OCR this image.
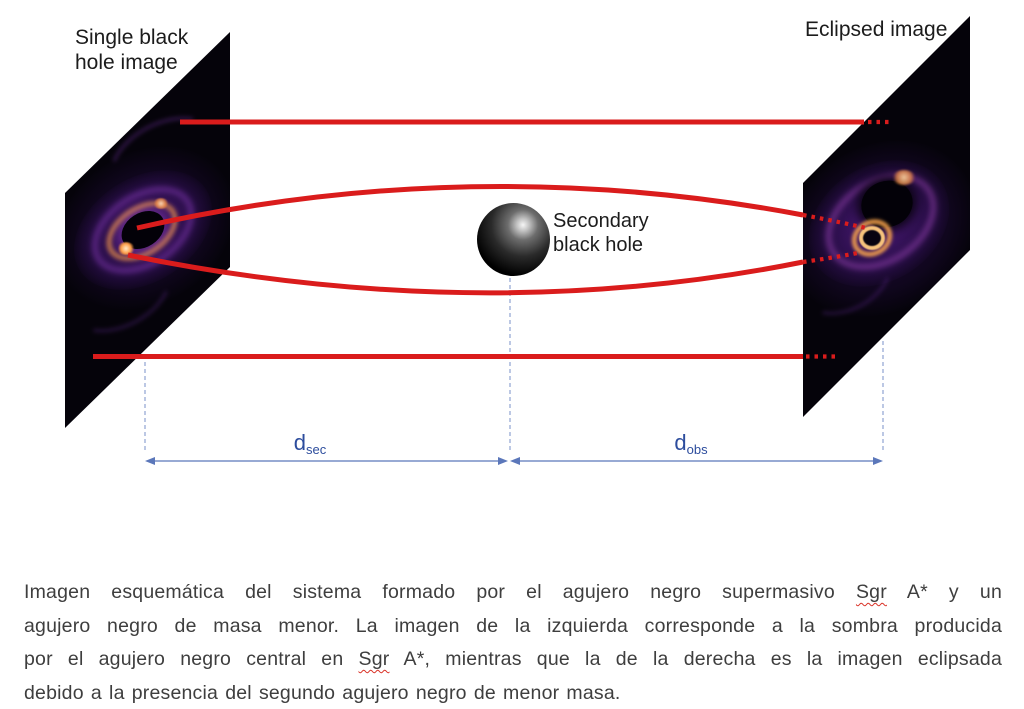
Single black
hole image
Eclipsed image
Secondary
black hole
$d_{sec}$	$d_{obs}$
Imagen esquemática del sistema formado por el agujero negro supermasivo Sgr A* y un
agujero negro de masa menor. La imagen de la izquierda corresponde a la sombra producida
por el agujero negro central en Sgr A*, mientras que la de la derecha es la imagen eclipsada
debido a la presencia del segundo agujero negro de menor masa.
